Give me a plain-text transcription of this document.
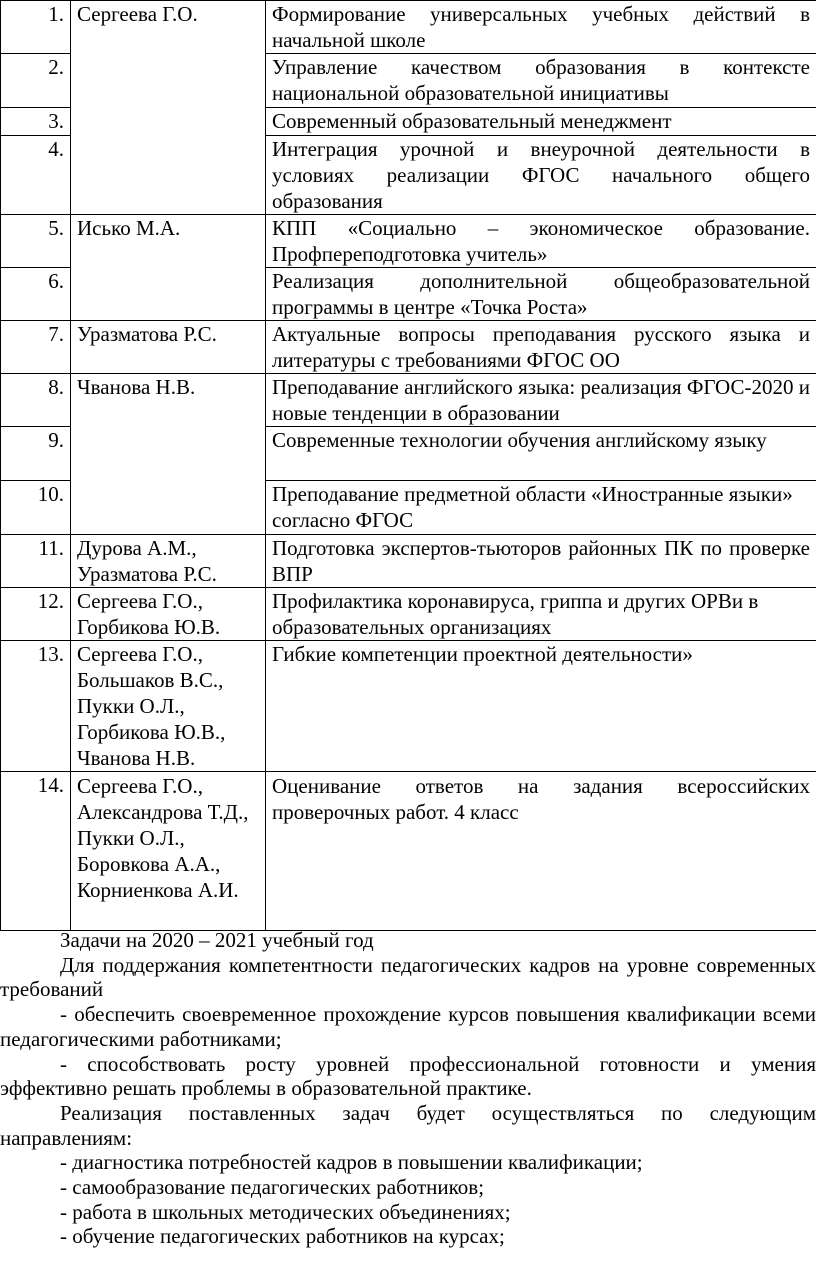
1.	Сергеева Г.О.	Формирование универсальных учебных действий в начальной школе
2.		Управление качеством образования в контексте национальной образовательной инициативы
3.		Современный образовательный менеджмент
4.		Интеграция урочной и внеурочной деятельности в условиях реализации ФГОС начального общего образования
5.	Исько М.А.	КПП «Социально – экономическое образование. Профпереподготовка учитель»
6.		Реализация дополнительной общеобразовательной программы в центре «Точка Роста»
7.	Уразматова Р.С.	Актуальные вопросы преподавания русского языка и литературы с требованиями ФГОС ОО
8.	Чванова Н.В.	Преподавание английского языка: реализация ФГОС-2020 и новые тенденции в образовании
9.		Современные технологии обучения английскому языку
10.		Преподавание предметной области «Иностранные языки» согласно ФГОС
11.	Дурова А.М., Уразматова Р.С.	Подготовка экспертов-тьюторов районных ПК по проверке ВПР
12.	Сергеева Г.О., Горбикова Ю.В.	Профилактика коронавируса, гриппа и других ОРВи в образовательных организациях
13.	Сергеева Г.О., Большаков В.С., Пукки О.Л., Горбикова Ю.В., Чванова Н.В.	Гибкие компетенции проектной деятельности»
14.	Сергеева Г.О., Александрова Т.Д., Пукки О.Л., Боровкова А.А., Корниенкова А.И.	Оценивание ответов на задания всероссийских проверочных работ. 4 класс

Задачи на 2020 – 2021 учебный год

Для поддержания компетентности педагогических кадров на уровне современных требований

- обеспечить своевременное прохождение курсов повышения квалификации всеми педагогическими работниками;

- способствовать росту уровней профессиональной готовности и умения эффективно решать проблемы в образовательной практике.

Реализация поставленных задач будет осуществляться по следующим направлениям:

- диагностика потребностей кадров в повышении квалификации;

- самообразование педагогических работников;

- работа в школьных методических объединениях;

- обучение педагогических работников на курсах;
